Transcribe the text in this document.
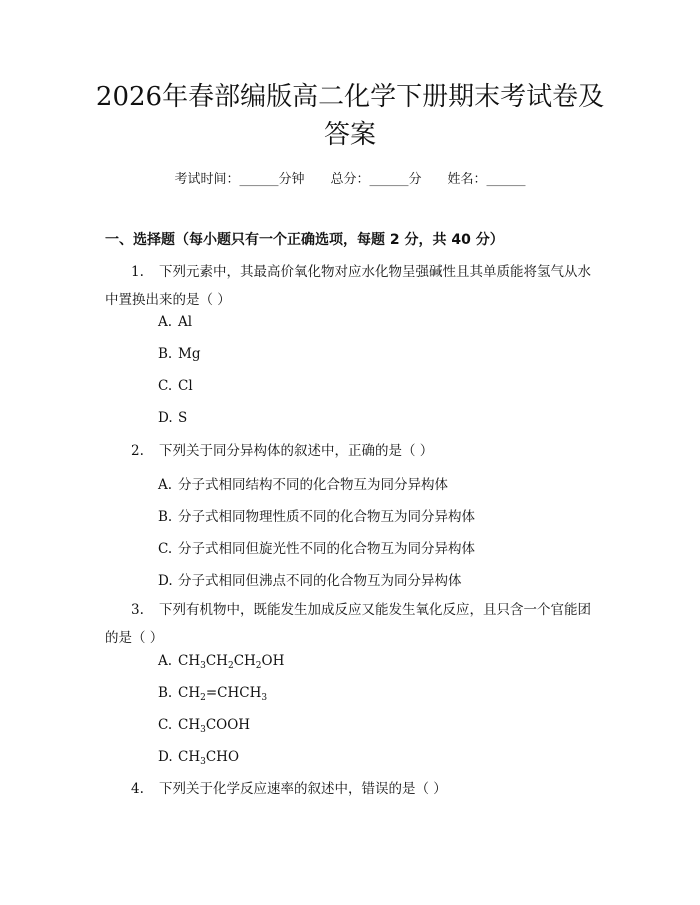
2026年春部编版高二化学下册期末考试卷及答案
考试时间：______分钟 总分：______分 姓名：______
一、选择题（每小题只有一个正确选项，每题 2 分，共 40 分）
1. 下列元素中，其最高价氧化物对应水化物呈强碱性且其单质能将氢气从水中置换出来的是（ ）
A. Al
B. Mg
C. Cl
D. S
2. 下列关于同分异构体的叙述中，正确的是（ ）
A. 分子式相同结构不同的化合物互为同分异构体
B. 分子式相同物理性质不同的化合物互为同分异构体
C. 分子式相同但旋光性不同的化合物互为同分异构体
D. 分子式相同但沸点不同的化合物互为同分异构体
3. 下列有机物中，既能发生加成反应又能发生氧化反应，且只含一个官能团的是（ ）
A. $CH_3CH_2CH_2OH$
B. $CH_2=CHCH_3$
C. $CH_3COOH$
D. $CH_3CHO$
4. 下列关于化学反应速率的叙述中，错误的是（ ）
